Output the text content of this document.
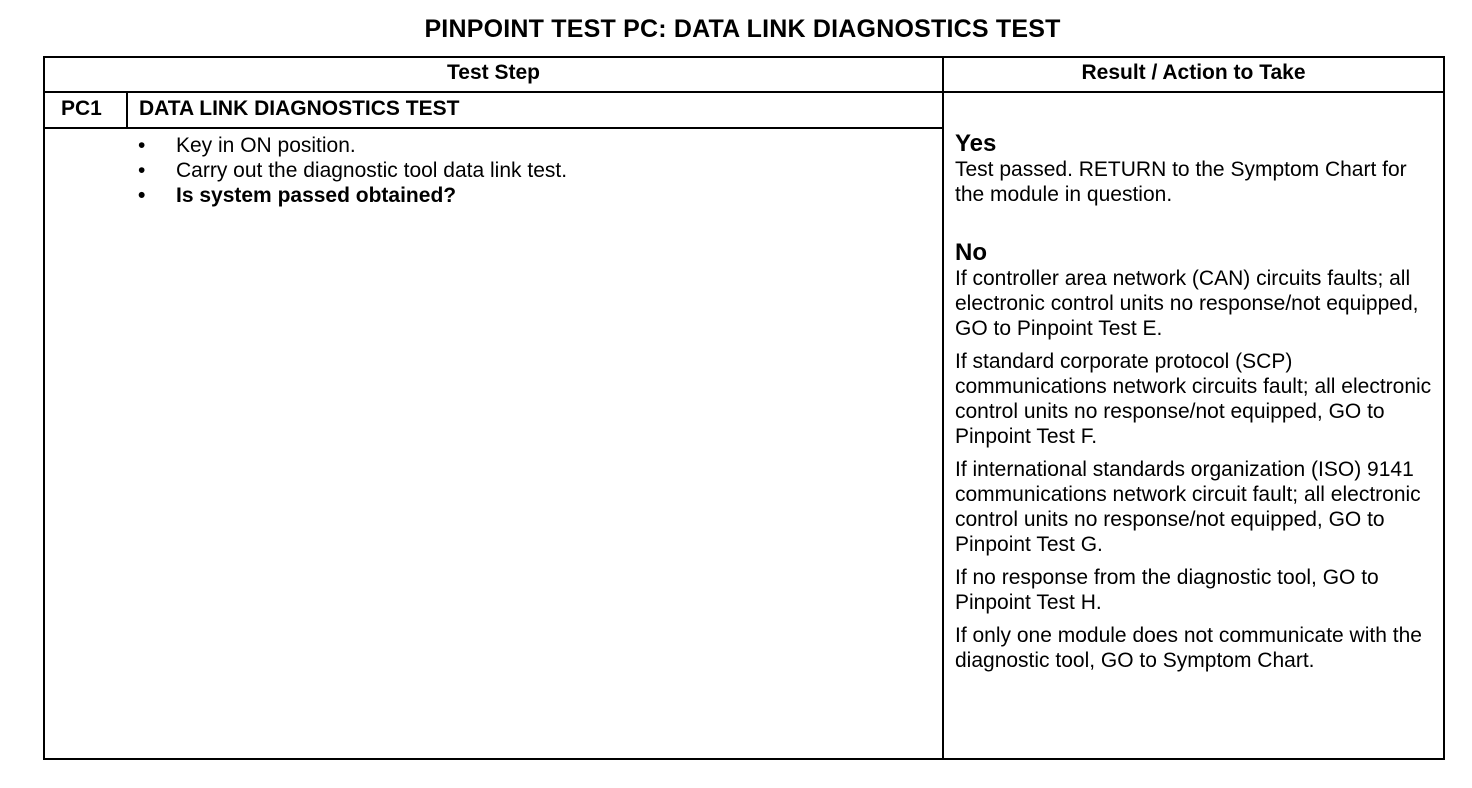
PINPOINT TEST PC: DATA LINK DIAGNOSTICS TEST
Test Step	Result / Action to Take
PC1 DATA LINK DIAGNOSTICS TEST
•	Key in ON position.
•	Carry out the diagnostic tool data link test.
•	Is system passed obtained?
Yes

Test passed. RETURN to the Symptom Chart for the module in question.

No

If controller area network (CAN) circuits faults; all electronic control units no response/not equipped, GO to Pinpoint Test E.

If standard corporate protocol (SCP) communications network circuits fault; all electronic control units no response/not equipped, GO to Pinpoint Test F.

If international standards organization (ISO) 9141 communications network circuit fault; all electronic control units no response/not equipped, GO to Pinpoint Test G.

If no response from the diagnostic tool, GO to Pinpoint Test H.

If only one module does not communicate with the diagnostic tool, GO to Symptom Chart.
